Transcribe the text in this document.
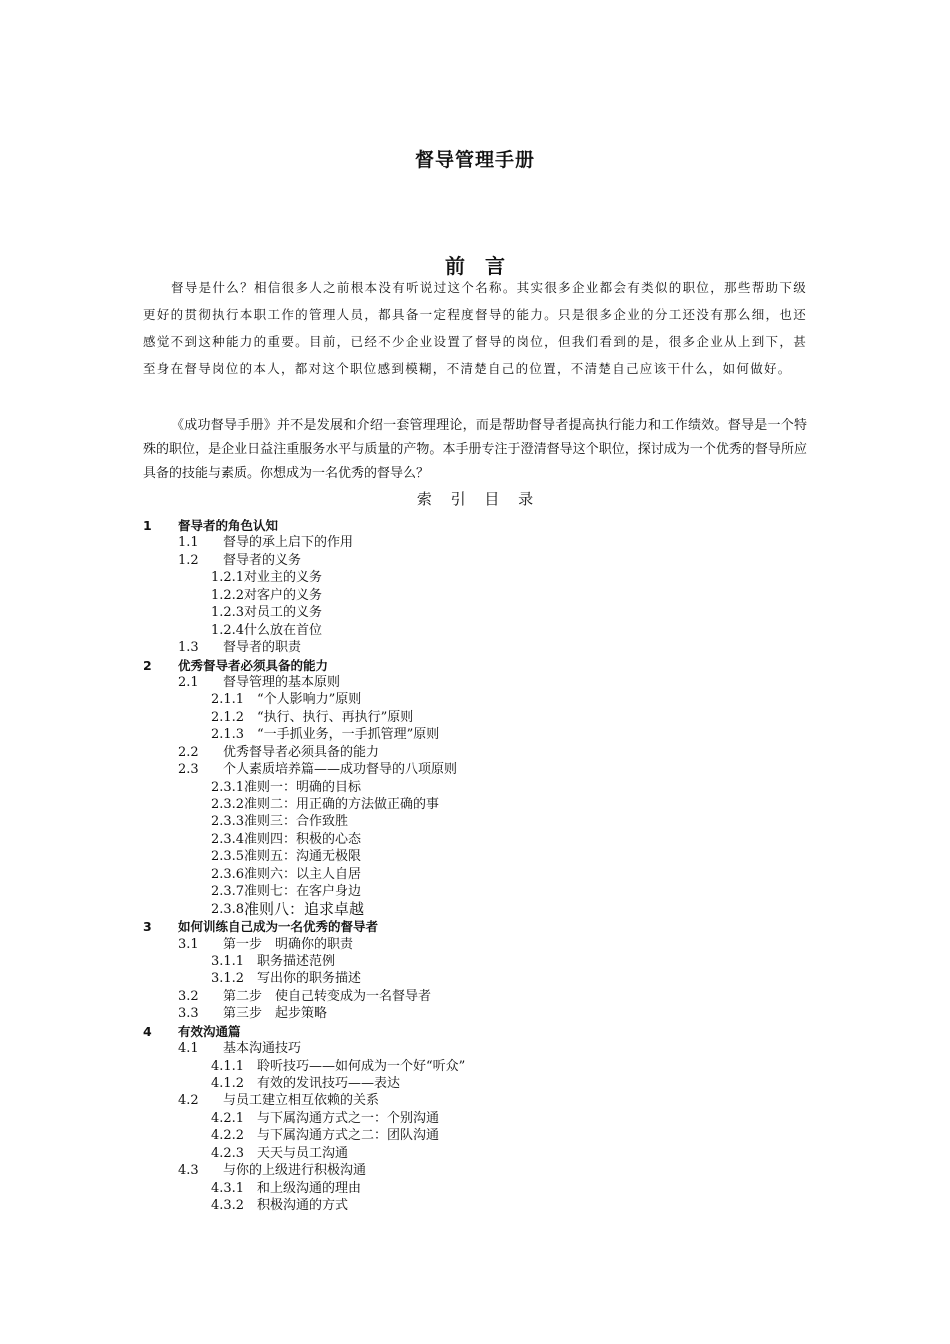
督导管理手册
前　言

督导是什么？相信很多人之前根本没有听说过这个名称。其实很多企业都会有类似的职位，那些帮助下级更好的贯彻执行本职工作的管理人员，都具备一定程度督导的能力。只是很多企业的分工还没有那么细，也还感觉不到这种能力的重要。目前，已经不少企业设置了督导的岗位，但我们看到的是，很多企业从上到下，甚至身在督导岗位的本人，都对这个职位感到模糊，不清楚自己的位置，不清楚自己应该干什么，如何做好。

《成功督导手册》并不是发展和介绍一套管理理论，而是帮助督导者提高执行能力和工作绩效。督导是一个特殊的职位，是企业日益注重服务水平与质量的产物。本手册专注于澄清督导这个职位，探讨成为一个优秀的督导所应具备的技能与素质。你想成为一名优秀的督导么？

索 引 目 录
1 督导者的角色认知
1.1 督导的承上启下的作用
1.2 督导者的义务
1.2.1 对业主的义务
1.2.2 对客户的义务
1.2.3 对员工的义务
1.2.4 什么放在首位
1.3 督导者的职责
2 优秀督导者必须具备的能力
2.1 督导管理的基本原则
2.1.1 “个人影响力”原则
2.1.2 “执行、执行、再执行”原则
2.1.3 “一手抓业务，一手抓管理”原则
2.2 优秀督导者必须具备的能力
2.3 个人素质培养篇——成功督导的八项原则
2.3.1 准则一：明确的目标
2.3.2 准则二：用正确的方法做正确的事
2.3.3 准则三：合作致胜
2.3.4 准则四：积极的心态
2.3.5 准则五：沟通无极限
2.3.6 准则六：以主人自居
2.3.7 准则七：在客户身边
2.3.8 准则八：追求卓越
3 如何训练自己成为一名优秀的督导者
3.1 第一步　明确你的职责
3.1.1 职务描述范例
3.1.2 写出你的职务描述
3.2 第二步　使自己转变成为一名督导者
3.3 第三步　起步策略
4 有效沟通篇
4.1 基本沟通技巧
4.1.1 聆听技巧——如何成为一个好“听众”
4.1.2 有效的发讯技巧——表达
4.2 与员工建立相互依赖的关系
4.2.1 与下属沟通方式之一：个别沟通
4.2.2 与下属沟通方式之二：团队沟通
4.2.3 天天与员工沟通
4.3 与你的上级进行积极沟通
4.3.1 和上级沟通的理由
4.3.2 积极沟通的方式
